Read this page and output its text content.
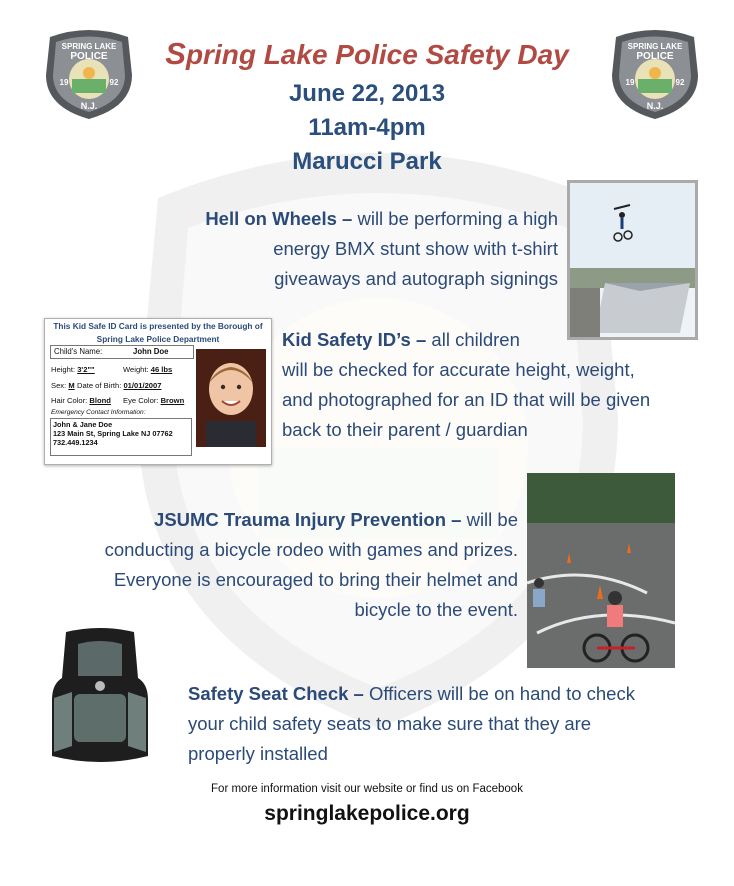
SPRING LAKE
POLICE
19	92
N.J.
SPRING LAKE
POLICE
19	92
N.J.
Spring Lake Police Safety Day
June 22, 2013
11am-4pm
Marucci Park
Hell on Wheels – will be performing a high
energy BMX stunt show with t-shirt
giveaways and autograph signings
This Kid Safe ID Card is presented by the Borough of
Spring Lake Police Department
Child's Name:	John Doe
Height: 3'2""	Weight: 46 lbs
Sex: M Date of Birth: 01/01/2007
Hair Color: Blond Eye Color: Brown
Emergency Contact Information:
John & Jane Doe
123 Main St, Spring Lake NJ 07762
732.449.1234
Kid Safety ID’s – all children
will be checked for accurate height, weight,
and photographed for an ID that will be given
back to their parent / guardian
JSUMC Trauma Injury Prevention – will be
conducting a bicycle rodeo with games and prizes.
Everyone is encouraged to bring their helmet and
bicycle to the event.
Safety Seat Check – Officers will be on hand to check
your child safety seats to make sure that they are
properly installed
For more information visit our website or find us on Facebook
springlakepolice.org
